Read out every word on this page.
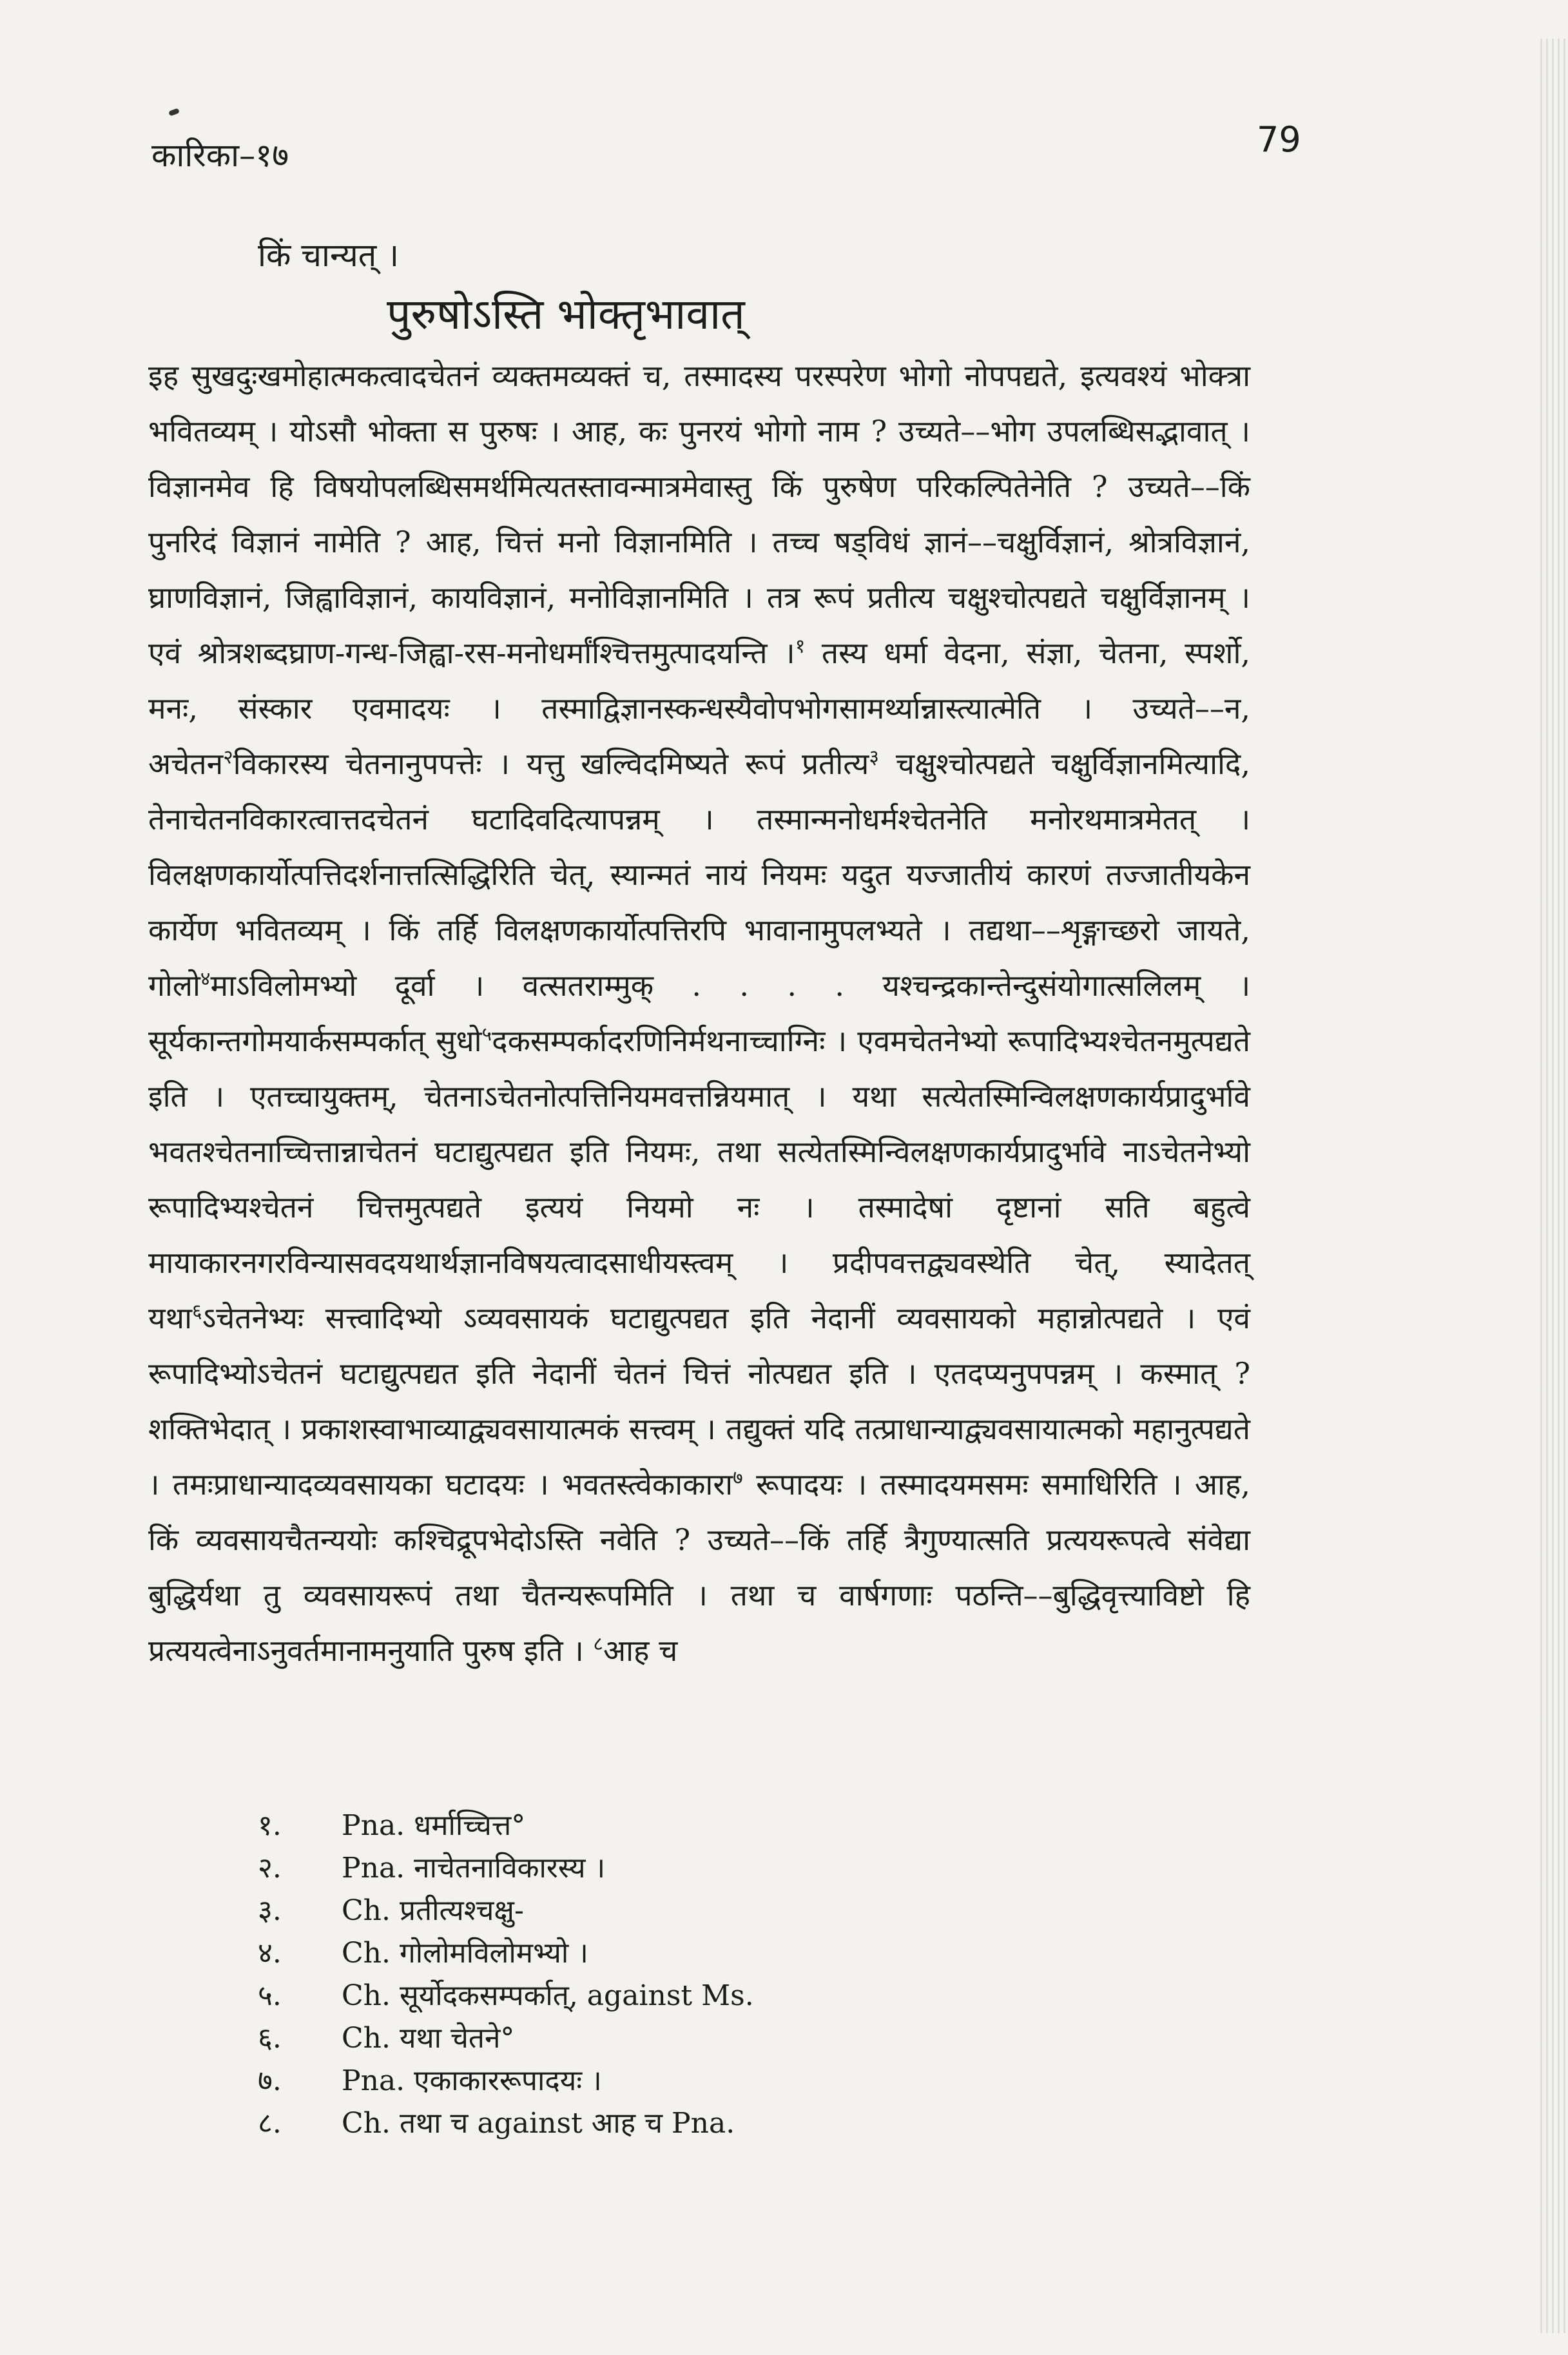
कारिका–१७	79
किं चान्यत् ।
पुरुषोऽस्ति भोक्तृभावात्
इह सुखदुःखमोहात्मकत्वादचेतनं व्यक्तमव्यक्तं च, तस्मादस्य परस्परेण भोगो नोपपद्यते, इत्यवश्यं भोक्त्रा भवितव्यम् । योऽसौ भोक्ता स पुरुषः । आह, कः पुनरयं भोगो नाम ? उच्यते––भोग उपलब्धिसद्भावात् । विज्ञानमेव हि विषयोपलब्धिसमर्थमित्यतस्तावन्मात्रमेवास्तु किं पुरुषेण परिकल्पितेनेति ? उच्यते––किं पुनरिदं विज्ञानं नामेति ? आह, चित्तं मनो विज्ञानमिति । तच्च षड्विधं ज्ञानं––चक्षुर्विज्ञानं, श्रोत्रविज्ञानं, घ्राणविज्ञानं, जिह्वाविज्ञानं, कायविज्ञानं, मनोविज्ञानमिति । तत्र रूपं प्रतीत्य चक्षुश्चोत्पद्यते चक्षुर्विज्ञानम् । एवं श्रोत्रशब्दघ्राण-गन्ध-जिह्वा-रस-मनोधर्मांश्चित्तमुत्पादयन्ति ।$^१$ तस्य धर्मा वेदना, संज्ञा, चेतना, स्पर्शो, मनः, संस्कार एवमादयः । तस्माद्विज्ञानस्कन्धस्यैवोपभोगसामर्थ्यान्नास्त्यात्मेति । उच्यते––न, अचेतन$^२$विकारस्य चेतनानुपपत्तेः । यत्तु खल्विदमिष्यते रूपं प्रतीत्य$^३$ चक्षुश्चोत्पद्यते चक्षुर्विज्ञानमित्यादि, तेनाचेतनविकारत्वात्तदचेतनं घटादिवदित्यापन्नम् । तस्मान्मनोधर्मश्चेतनेति मनोरथमात्रमेतत् । विलक्षणकार्योत्पत्तिदर्शनात्तत्सिद्धिरिति चेत्, स्यान्मतं नायं नियमः यदुत यज्जातीयं कारणं तज्जातीयकेन कार्येण भवितव्यम् । किं तर्हि विलक्षणकार्योत्पत्तिरपि भावानामुपलभ्यते । तद्यथा––शृङ्गाच्छरो जायते, गोलो$^४$माऽविलोमभ्यो दूर्वा । वत्सतराम्मुक् . . . . यश्चन्द्रकान्तेन्दुसंयोगात्सलिलम् । सूर्यकान्तगोमयार्कसम्पर्कात् सुधो$^५$दकसम्पर्कादरणिनिर्मथनाच्चाग्निः । एवमचेतनेभ्यो रूपादिभ्यश्चेतनमुत्पद्यते इति । एतच्चायुक्तम्, चेतनाऽचेतनोत्पत्तिनियमवत्तन्नियमात् । यथा सत्येतस्मिन्विलक्षणकार्यप्रादुर्भावे भवतश्चेतनाच्चित्तान्नाचेतनं घटाद्युत्पद्यत इति नियमः, तथा सत्येतस्मिन्विलक्षणकार्यप्रादुर्भावे नाऽचेतनेभ्यो रूपादिभ्यश्चेतनं चित्तमुत्पद्यते इत्ययं नियमो नः । तस्मादेषां दृष्टानां सति बहुत्वे मायाकारनगरविन्यासवदयथार्थज्ञानविषयत्वादसाधीयस्त्वम् । प्रदीपवत्तद्व्यवस्थेति चेत्, स्यादेतत् यथा$^६$ऽचेतनेभ्यः सत्त्वादिभ्यो ऽव्यवसायकं घटाद्युत्पद्यत इति नेदानीं व्यवसायको महान्नोत्पद्यते । एवं रूपादिभ्योऽचेतनं घटाद्युत्पद्यत इति नेदानीं चेतनं चित्तं नोत्पद्यत इति । एतदप्यनुपपन्नम् । कस्मात् ? शक्तिभेदात् । प्रकाशस्वाभाव्याद्व्यवसायात्मकं सत्त्वम् । तद्युक्तं यदि तत्प्राधान्याद्व्यवसायात्मको महानुत्पद्यते । तमःप्राधान्यादव्यवसायका घटादयः । भवतस्त्वेकाकारा$^७$ रूपादयः । तस्मादयमसमः समाधिरिति । आह, किं व्यवसायचैतन्ययोः कश्चिद्रूपभेदोऽस्ति नवेति ? उच्यते––किं तर्हि त्रैगुण्यात्सति प्रत्ययरूपत्वे संवेद्या बुद्धिर्यथा तु व्यवसायरूपं तथा चैतन्यरूपमिति । तथा च वार्षगणाः पठन्ति––बुद्धिवृत्त्याविष्टो हि प्रत्ययत्वेनाऽनुवर्तमानामनुयाति पुरुष इति । $^८$आह च
१.	Pna. धर्माच्चित्त°
२.	Pna. नाचेतनाविकारस्य ।
३.	Ch. प्रतीत्यश्चक्षु-
४.	Ch. गोलोमविलोमभ्यो ।
५.	Ch. सूर्योदकसम्पर्कात्, against Ms.
६.	Ch. यथा चेतने°
७.	Pna. एकाकाररूपादयः ।
८.	Ch. तथा च against आह च Pna.
